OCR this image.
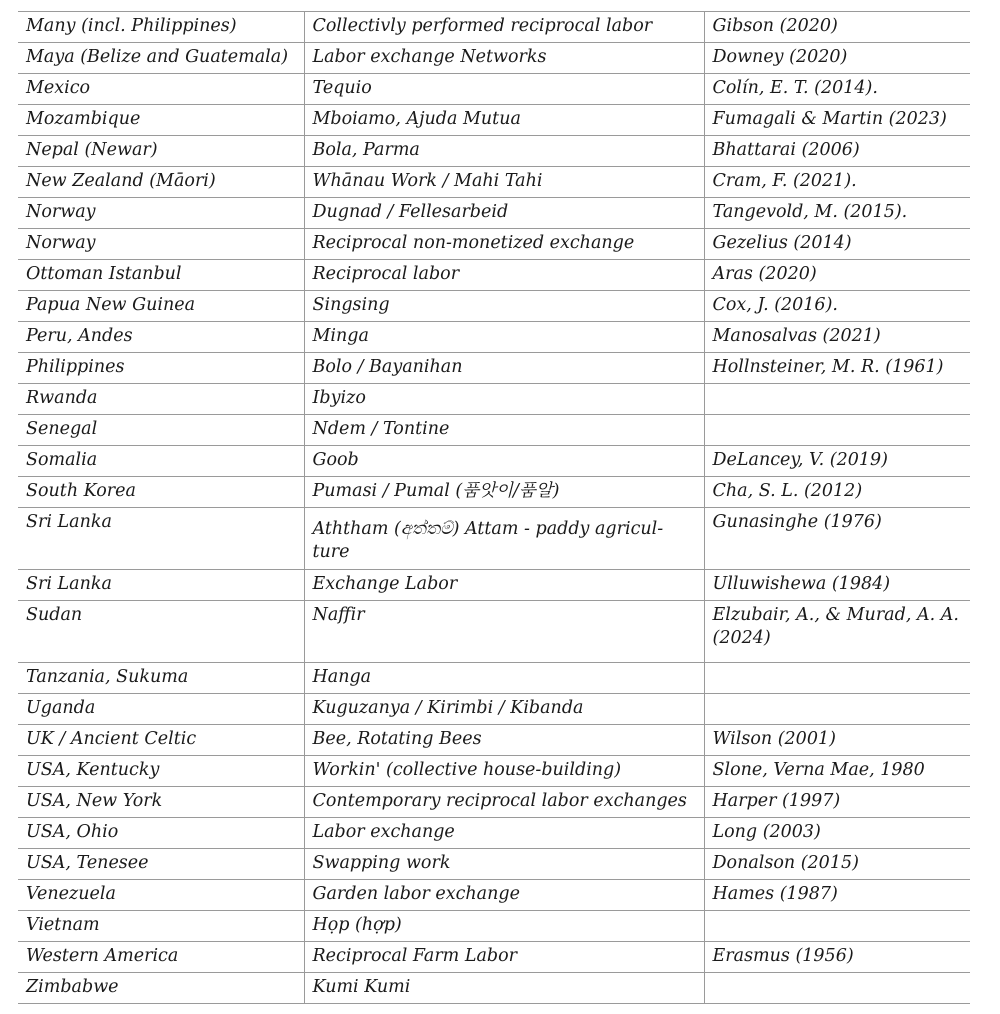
Many (incl. Philippines)	Collectivly performed reciprocal labor	Gibson (2020)
Maya (Belize and Guatemala)	Labor exchange Networks	Downey (2020)
Mexico	Tequio	Colín, E. T. (2014).
Mozambique	Mboiamo, Ajuda Mutua	Fumagali & Martin (2023)
Nepal (Newar)	Bola, Parma	Bhattarai (2006)
New Zealand (Māori)	Whānau Work / Mahi Tahi	Cram, F. (2021).
Norway	Dugnad / Fellesarbeid	Tangevold, M. (2015).
Norway	Reciprocal non-monetized exchange	Gezelius (2014)
Ottoman Istanbul	Reciprocal labor	Aras (2020)
Papua New Guinea	Singsing	Cox, J. (2016).
Peru, Andes	Minga	Manosalvas (2021)
Philippines	Bolo / Bayanihan	Hollnsteiner, M. R. (1961)
Rwanda	Ibyizo	
Senegal	Ndem / Tontine	
Somalia	Goob	DeLancey, V. (2019)
South Korea	Pumasi / Pumal (품앗이/품알)	Cha, S. L. (2012)
Sri Lanka	Aththam (අත්තම්) Attam - paddy agricul-ture	Gunasinghe (1976)
Sri Lanka	Exchange Labor	Ulluwishewa (1984)
Sudan	Naffir	Elzubair, A., & Murad, A. A. (2024)
Tanzania, Sukuma	Hanga	
Uganda	Kuguzanya / Kirimbi / Kibanda	
UK / Ancient Celtic	Bee, Rotating Bees	Wilson (2001)
USA, Kentucky	Workin' (collective house-building)	Slone, Verna Mae, 1980
USA, New York	Contemporary reciprocal labor exchanges	Harper (1997)
USA, Ohio	Labor exchange	Long (2003)
USA, Tenesee	Swapping work	Donalson (2015)
Venezuela	Garden labor exchange	Hames (1987)
Vietnam	Họp (hợp)	
Western America	Reciprocal Farm Labor	Erasmus (1956)
Zimbabwe	Kumi Kumi	
